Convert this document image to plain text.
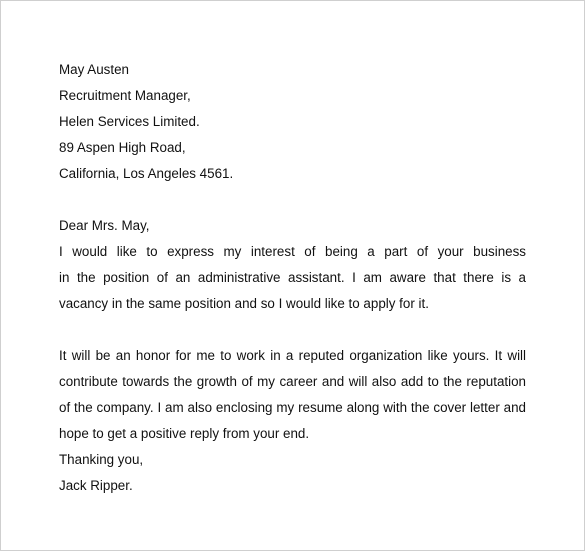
May Austen
Recruitment Manager,
Helen Services Limited.
89 Aspen High Road,
California, Los Angeles 4561.
Dear Mrs. May,
I would like to express my interest of being a part of your business
in the position of an administrative assistant. I am aware that there is a
vacancy in the same position and so I would like to apply for it.
It will be an honor for me to work in a reputed organization like yours. It will
contribute towards the growth of my career and will also add to the reputation
of the company. I am also enclosing my resume along with the cover letter and
hope to get a positive reply from your end.
Thanking you,
Jack Ripper.
